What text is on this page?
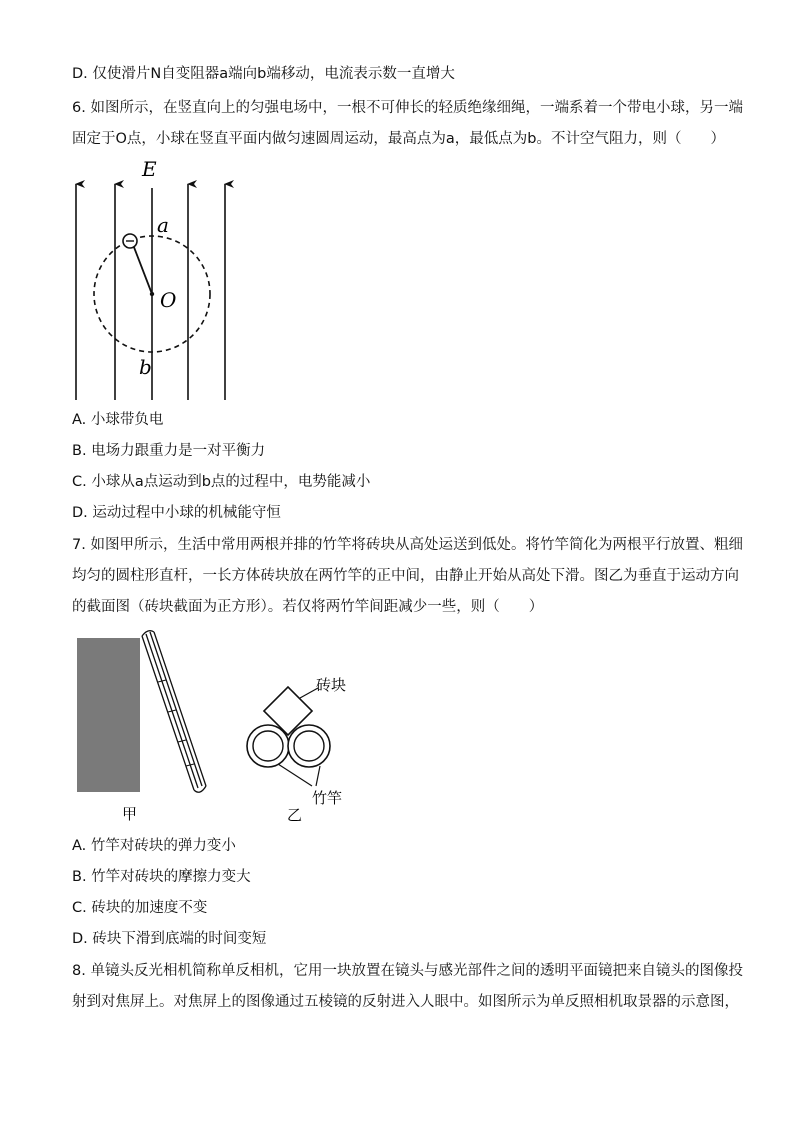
D. 仅使滑片N自变阻器a端向b端移动，电流表示数一直增大
6. 如图所示，在竖直向上的匀强电场中，一根不可伸长的轻质绝缘细绳，一端系着一个带电小球，另一端
固定于O点，小球在竖直平面内做匀速圆周运动，最高点为a，最低点为b。不计空气阻力，则（　　）
E
a
O
b
A. 小球带负电
B. 电场力跟重力是一对平衡力
C. 小球从a点运动到b点的过程中，电势能减小
D. 运动过程中小球的机械能守恒
7. 如图甲所示，生活中常用两根并排的竹竿将砖块从高处运送到低处。将竹竿简化为两根平行放置、粗细
均匀的圆柱形直杆，一长方体砖块放在两竹竿的正中间，由静止开始从高处下滑。图乙为垂直于运动方向
的截面图（砖块截面为正方形）。若仅将两竹竿间距减少一些，则（　　）
甲
砖块
竹竿
乙
A. 竹竿对砖块的弹力变小
B. 竹竿对砖块的摩擦力变大
C. 砖块的加速度不变
D. 砖块下滑到底端的时间变短
8. 单镜头反光相机简称单反相机，它用一块放置在镜头与感光部件之间的透明平面镜把来自镜头的图像投
射到对焦屏上。对焦屏上的图像通过五棱镜的反射进入人眼中。如图所示为单反照相机取景器的示意图，
